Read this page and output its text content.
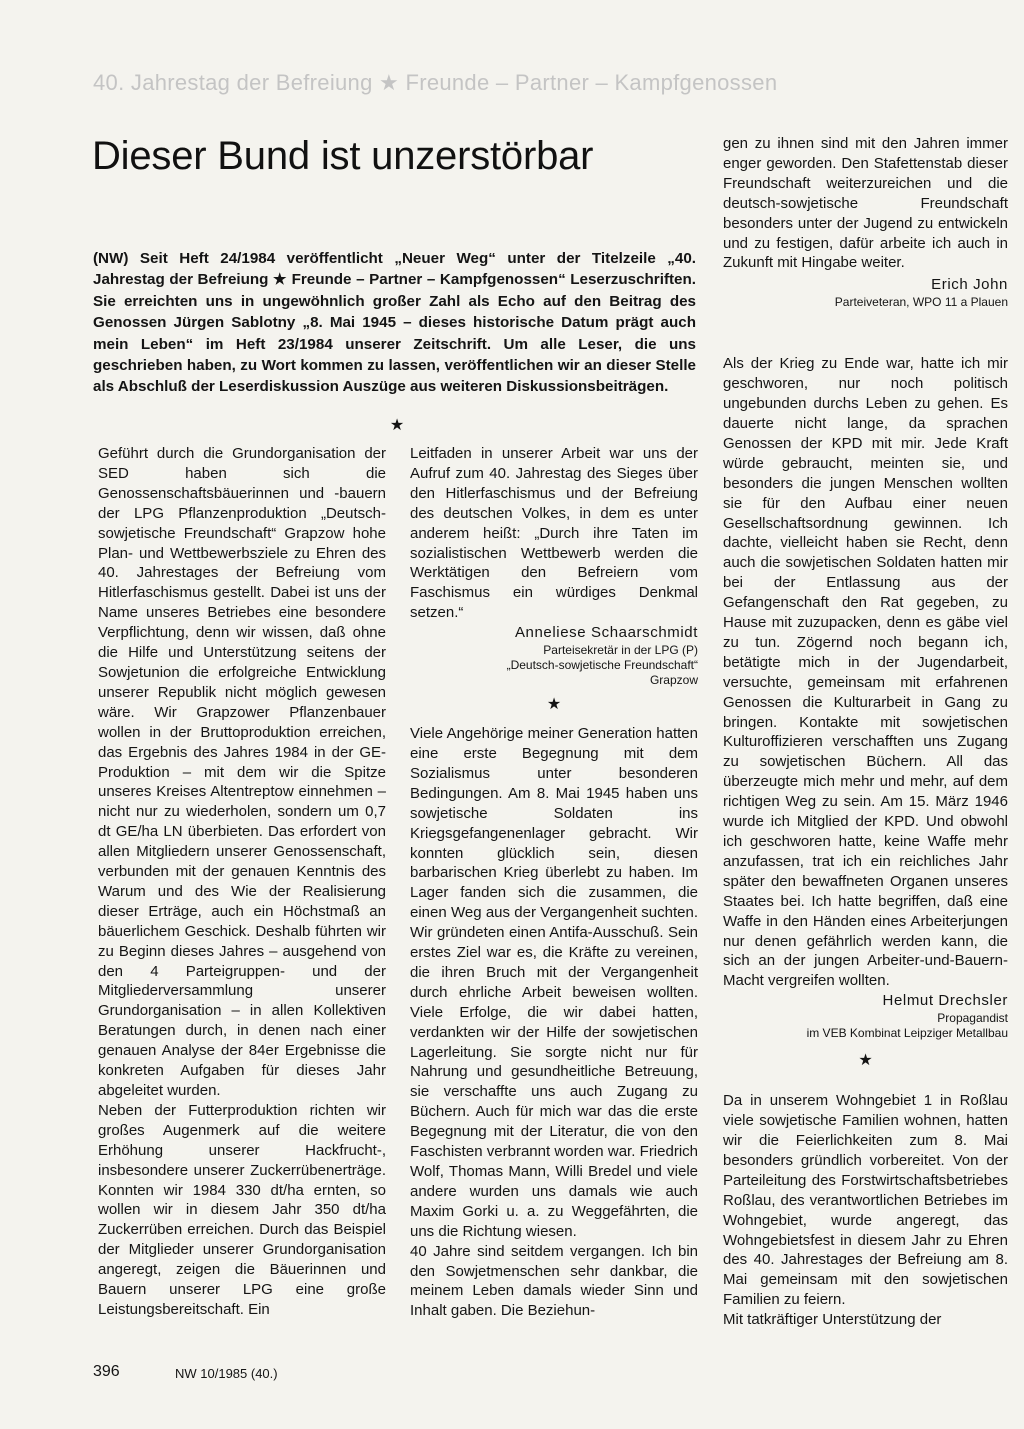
40. Jahrestag der Befreiung ★ Freunde – Partner – Kampfgenossen
Dieser Bund ist unzerstörbar
(NW) Seit Heft 24/1984 veröffentlicht „Neuer Weg“ unter der Titelzeile „40. Jahrestag der Befreiung ★ Freunde – Partner – Kampfgenossen“ Leserzuschriften. Sie erreichten uns in ungewöhnlich großer Zahl als Echo auf den Beitrag des Genossen Jürgen Sablotny „8. Mai 1945 – dieses historische Datum prägt auch mein Leben“ im Heft 23/1984 unserer Zeitschrift. Um alle Leser, die uns geschrieben haben, zu Wort kommen zu lassen, veröffentlichen wir an dieser Stelle als Abschluß der Leserdiskussion Auszüge aus weiteren Diskussionsbeiträgen.
★

Geführt durch die Grundorganisation der SED haben sich die Genossenschaftsbäuerinnen und -bauern der LPG Pflanzenproduktion „Deutsch-sowjetische Freundschaft“ Grapzow hohe Plan- und Wettbewerbsziele zu Ehren des 40. Jahrestages der Befreiung vom Hitlerfaschismus gestellt. Dabei ist uns der Name unseres Betriebes eine besondere Verpflichtung, denn wir wissen, daß ohne die Hilfe und Unterstützung seitens der Sowjetunion die erfolgreiche Entwicklung unserer Republik nicht möglich gewesen wäre. Wir Grapzower Pflanzenbauer wollen in der Bruttoproduktion erreichen, das Ergebnis des Jahres 1984 in der GE-Produktion – mit dem wir die Spitze unseres Kreises Altentreptow einnehmen – nicht nur zu wiederholen, sondern um 0,7 dt GE/ha LN überbieten. Das erfordert von allen Mitgliedern unserer Genossenschaft, verbunden mit der genauen Kenntnis des Warum und des Wie der Realisierung dieser Erträge, auch ein Höchstmaß an bäuerlichem Geschick. Deshalb führten wir zu Beginn dieses Jahres – ausgehend von den 4 Parteigruppen- und der Mitgliederversammlung unserer Grundorganisation – in allen Kollektiven Beratungen durch, in denen nach einer genauen Analyse der 84er Ergebnisse die konkreten Aufgaben für dieses Jahr abgeleitet wurden.

Neben der Futterproduktion richten wir großes Augenmerk auf die weitere Erhöhung unserer Hackfrucht-, insbesondere unserer Zuckerrübenerträge. Konnten wir 1984 330 dt/ha ernten, so wollen wir in diesem Jahr 350 dt/ha Zuckerrüben erreichen. Durch das Beispiel der Mitglieder unserer Grundorganisation angeregt, zeigen die Bäuerinnen und Bauern unserer LPG eine große Leistungsbereitschaft. Ein

Leitfaden in unserer Arbeit war uns der Aufruf zum 40. Jahrestag des Sieges über den Hitlerfaschismus und der Befreiung des deutschen Volkes, in dem es unter anderem heißt: „Durch ihre Taten im sozialistischen Wettbewerb werden die Werktätigen den Befreiern vom Faschismus ein würdiges Denkmal setzen.“

Anneliese Schaarschmidt
Parteisekretär in der LPG (P)
„Deutsch-sowjetische Freundschaft“
Grapzow
★

Viele Angehörige meiner Generation hatten eine erste Begegnung mit dem Sozialismus unter besonderen Bedingungen. Am 8. Mai 1945 haben uns sowjetische Soldaten ins Kriegsgefangenenlager gebracht. Wir konnten glücklich sein, diesen barbarischen Krieg überlebt zu haben. Im Lager fanden sich die zusammen, die einen Weg aus der Vergangenheit suchten. Wir gründeten einen Antifa-Ausschuß. Sein erstes Ziel war es, die Kräfte zu vereinen, die ihren Bruch mit der Vergangenheit durch ehrliche Arbeit beweisen wollten. Viele Erfolge, die wir dabei hatten, verdankten wir der Hilfe der sowjetischen Lagerleitung. Sie sorgte nicht nur für Nahrung und gesundheitliche Betreuung, sie verschaffte uns auch Zugang zu Büchern. Auch für mich war das die erste Begegnung mit der Literatur, die von den Faschisten verbrannt worden war. Friedrich Wolf, Thomas Mann, Willi Bredel und viele andere wurden uns damals wie auch Maxim Gorki u. a. zu Weggefährten, die uns die Richtung wiesen.

40 Jahre sind seitdem vergangen. Ich bin den Sowjetmenschen sehr dankbar, die meinem Leben damals wieder Sinn und Inhalt gaben. Die Beziehun-

gen zu ihnen sind mit den Jahren immer enger geworden. Den Stafettenstab dieser Freundschaft weiterzureichen und die deutsch-sowjetische Freundschaft besonders unter der Jugend zu entwickeln und zu festigen, dafür arbeite ich auch in Zukunft mit Hingabe weiter.

Erich John
Parteiveteran, WPO 11 a Plauen

Als der Krieg zu Ende war, hatte ich mir geschworen, nur noch politisch ungebunden durchs Leben zu gehen. Es dauerte nicht lange, da sprachen Genossen der KPD mit mir. Jede Kraft würde gebraucht, meinten sie, und besonders die jungen Menschen wollten sie für den Aufbau einer neuen Gesellschaftsordnung gewinnen. Ich dachte, vielleicht haben sie Recht, denn auch die sowjetischen Soldaten hatten mir bei der Entlassung aus der Gefangenschaft den Rat gegeben, zu Hause mit zuzupacken, denn es gäbe viel zu tun. Zögernd noch begann ich, betätigte mich in der Jugendarbeit, versuchte, gemeinsam mit erfahrenen Genossen die Kulturarbeit in Gang zu bringen. Kontakte mit sowjetischen Kulturoffizieren verschafften uns Zugang zu sowjetischen Büchern. All das überzeugte mich mehr und mehr, auf dem richtigen Weg zu sein. Am 15. März 1946 wurde ich Mitglied der KPD. Und obwohl ich geschworen hatte, keine Waffe mehr anzufassen, trat ich ein reichliches Jahr später den bewaffneten Organen unseres Staates bei. Ich hatte begriffen, daß eine Waffe in den Händen eines Arbeiterjungen nur denen gefährlich werden kann, die sich an der jungen Arbeiter-und-Bauern-Macht vergreifen wollten.

Helmut Drechsler
Propagandist
im VEB Kombinat Leipziger Metallbau
★

Da in unserem Wohngebiet 1 in Roßlau viele sowjetische Familien wohnen, hatten wir die Feierlichkeiten zum 8. Mai besonders gründlich vorbereitet. Von der Parteileitung des Forstwirtschaftsbetriebes Roßlau, des verantwortlichen Betriebes im Wohngebiet, wurde angeregt, das Wohngebietsfest in diesem Jahr zu Ehren des 40. Jahrestages der Befreiung am 8. Mai gemeinsam mit den sowjetischen Familien zu feiern.

Mit tatkräftiger Unterstützung der

396	NW 10/1985 (40.)
